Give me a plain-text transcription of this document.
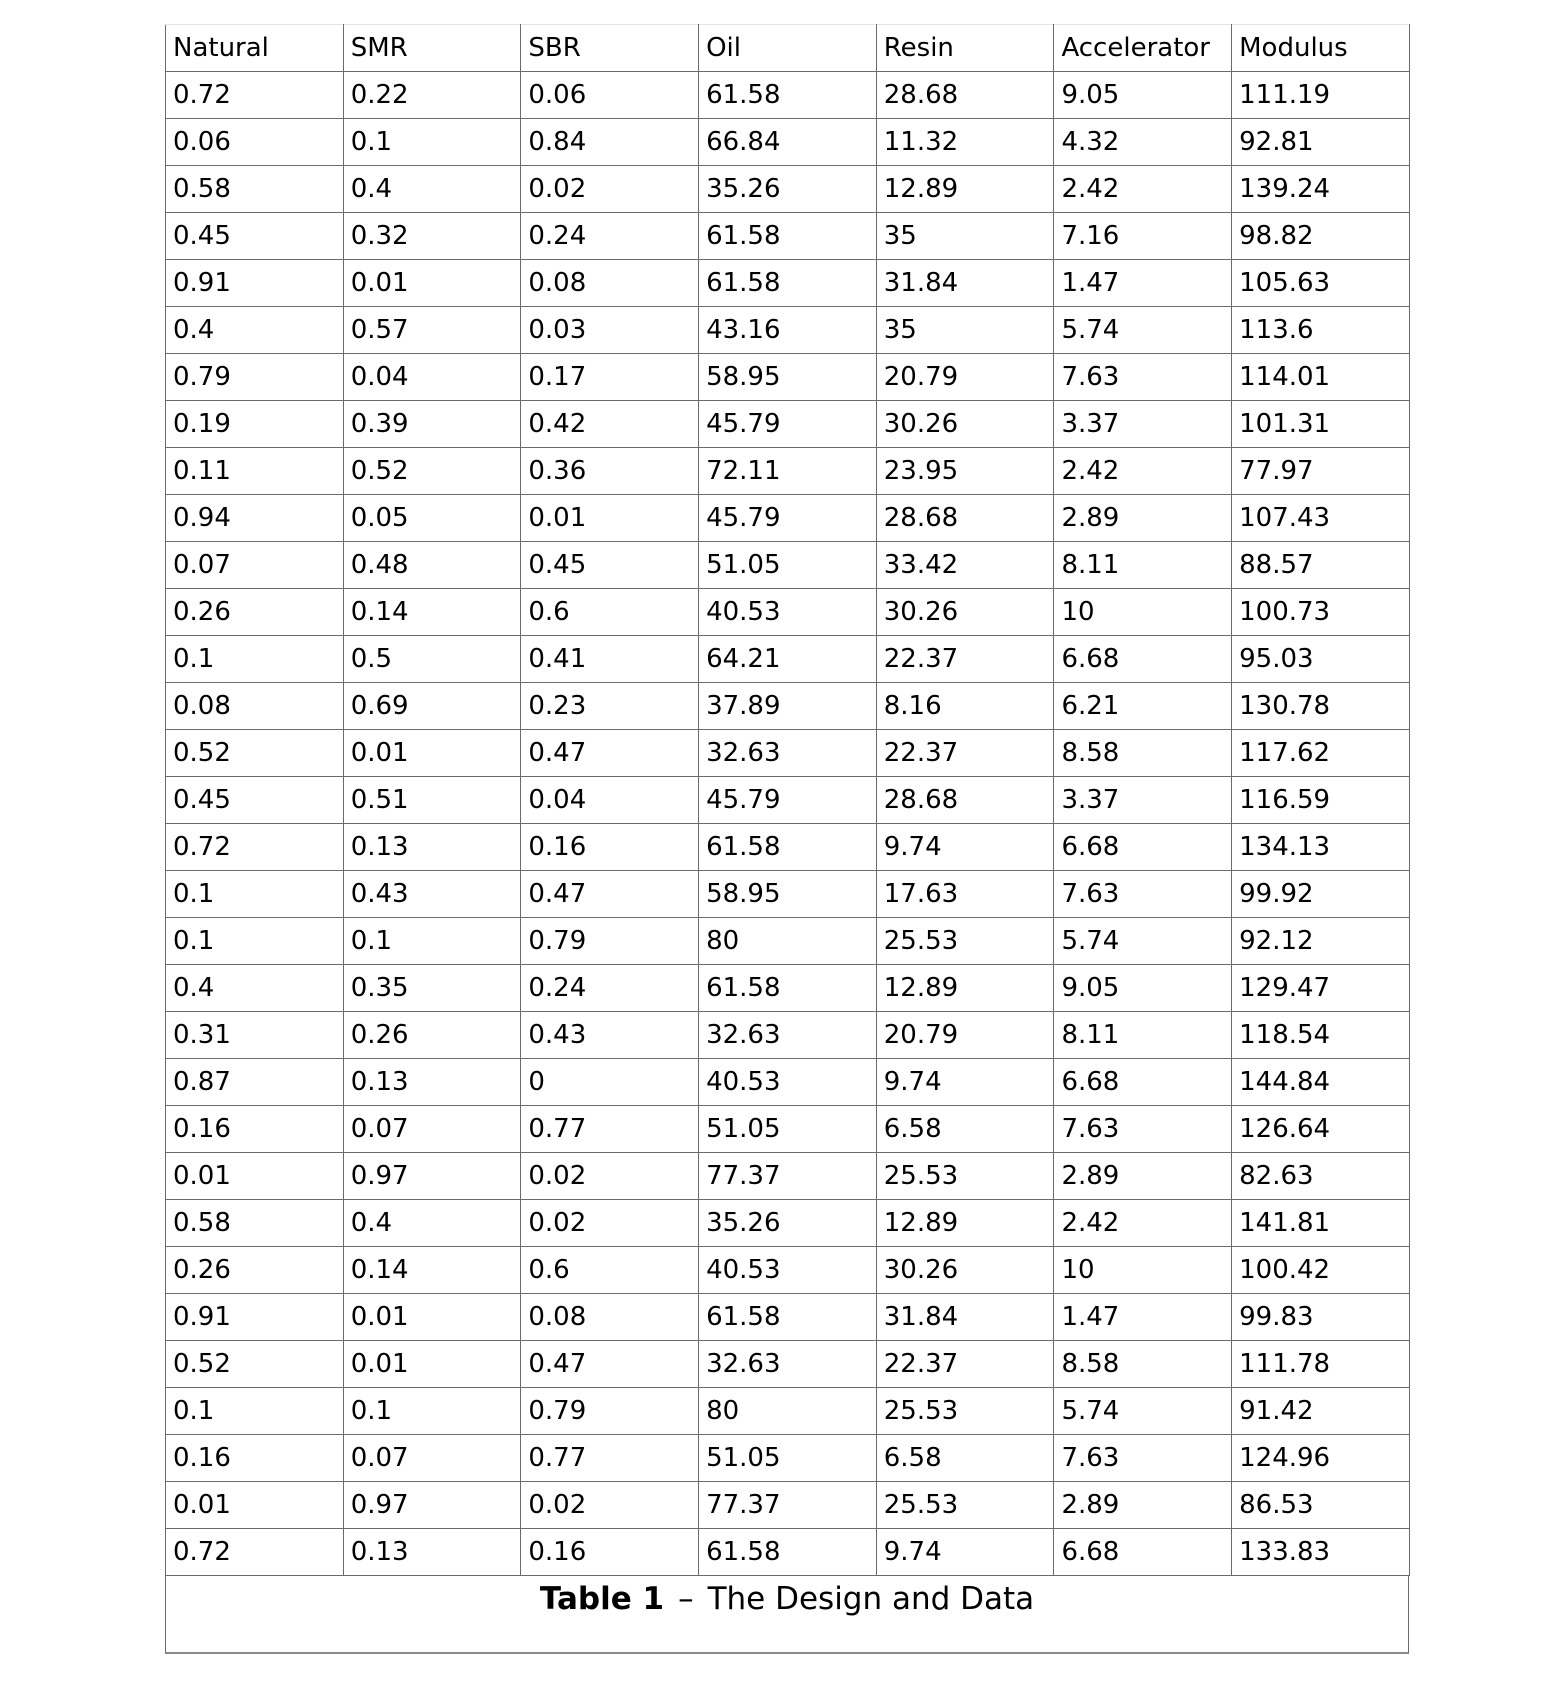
Natural	SMR	SBR	Oil	Resin	Accelerator	Modulus
0.72	0.22	0.06	61.58	28.68	9.05	111.19
0.06	0.1	0.84	66.84	11.32	4.32	92.81
0.58	0.4	0.02	35.26	12.89	2.42	139.24
0.45	0.32	0.24	61.58	35	7.16	98.82
0.91	0.01	0.08	61.58	31.84	1.47	105.63
0.4	0.57	0.03	43.16	35	5.74	113.6
0.79	0.04	0.17	58.95	20.79	7.63	114.01
0.19	0.39	0.42	45.79	30.26	3.37	101.31
0.11	0.52	0.36	72.11	23.95	2.42	77.97
0.94	0.05	0.01	45.79	28.68	2.89	107.43
0.07	0.48	0.45	51.05	33.42	8.11	88.57
0.26	0.14	0.6	40.53	30.26	10	100.73
0.1	0.5	0.41	64.21	22.37	6.68	95.03
0.08	0.69	0.23	37.89	8.16	6.21	130.78
0.52	0.01	0.47	32.63	22.37	8.58	117.62
0.45	0.51	0.04	45.79	28.68	3.37	116.59
0.72	0.13	0.16	61.58	9.74	6.68	134.13
0.1	0.43	0.47	58.95	17.63	7.63	99.92
0.1	0.1	0.79	80	25.53	5.74	92.12
0.4	0.35	0.24	61.58	12.89	9.05	129.47
0.31	0.26	0.43	32.63	20.79	8.11	118.54
0.87	0.13	0	40.53	9.74	6.68	144.84
0.16	0.07	0.77	51.05	6.58	7.63	126.64
0.01	0.97	0.02	77.37	25.53	2.89	82.63
0.58	0.4	0.02	35.26	12.89	2.42	141.81
0.26	0.14	0.6	40.53	30.26	10	100.42
0.91	0.01	0.08	61.58	31.84	1.47	99.83
0.52	0.01	0.47	32.63	22.37	8.58	111.78
0.1	0.1	0.79	80	25.53	5.74	91.42
0.16	0.07	0.77	51.05	6.58	7.63	124.96
0.01	0.97	0.02	77.37	25.53	2.89	86.53
0.72	0.13	0.16	61.58	9.74	6.68	133.83
Table 1 – The Design and Data
